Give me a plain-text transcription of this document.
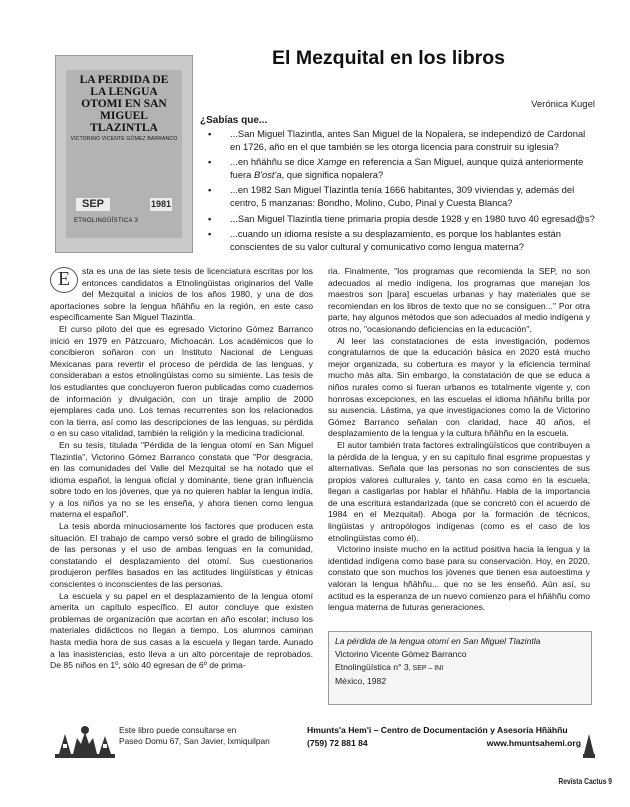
LA PERDIDA DE LA LENGUA OTOMI EN SAN MIGUEL TLAZINTLA
VICTORINO VICENTE GÓMEZ BARRANCO
SEP	1981
ETNOLINGÜÍSTICA 3
El Mezquital en los libros
Verónica Kugel
¿Sabías que...
• ...San Miguel Tlazintla, antes San Miguel de la Nopalera, se independizó de Cardonal en 1726, año en el que también se les otorga licencia para construir su iglesia?
• ...en hñähñu se dice Xamge en referencia a San Miguel, aunque quizá anteriormente fuera B'ost'a, que significa nopalera?
• ...en 1982 San Miguel Tlazintla tenía 1666 habitantes, 309 viviendas y, además del centro, 5 manzanas: Bondho, Molino, Cubo, Pinal y Cuesta Blanca?
• ...San Miguel Tlazintla tiene primaria propia desde 1928 y en 1980 tuvo 40 egresad@s?
• ...cuando un idioma resiste a su desplazamiento, es porque los hablantes están conscientes de su valor cultural y comunicativo como lengua materna?

E	sta es una de las siete tesis de licenciatura escritas por los entonces candidatos a Etnolingüistas originarios del Valle del Mezquital a inicios de los años 1980, y una de dos aportaciones sobre la lengua hñähñu en la región, en este caso específicamente San Miguel Tlazintla.

El curso piloto del que es egresado Victorino Gómez Barranco inició en 1979 en Pátzcuaro, Michoacán. Los académicos que lo concibieron soñaron con un Instituto Nacional de Lenguas Mexicanas para revertir el proceso de pérdida de las lenguas, y consideraban a estos etnolingüistas como su simiente. Las tesis de los estudiantes que concluyeron fueron publicadas como cuadernos de información y divulgación, con un tiraje amplio de 2000 ejemplares cada uno. Los temas recurrentes son los relacionados con la tierra, así como las descripciones de las lenguas, su pérdida o en su caso vitalidad, también la religión y la medicina tradicional.

En su tesis, titulada "Pérdida de la lengua otomí en San Miguel Tlazintla", Victorino Gómez Barranco constata que "Por desgracia, en las comunidades del Valle del Mezquital se ha notado que el idioma español, la lengua oficial y dominante, tiene gran influencia sobre todo en los jóvenes, que ya no quieren hablar la lengua indía, y a los niños ya no se les enseña, y ahora tienen como lengua materna el español".

La tesis aborda minuciosamente los factores que producen esta situación. El trabajo de campo versó sobre el grado de bilingüismo de las personas y el uso de ambas lenguas en la comunidad, constatando el desplazamiento del otomí. Sus cuestionarios produjeron perfiles basados en las actitudes lingüísticas y étnicas conscientes o inconscientes de las personas.

La escuela y su papel en el desplazamiento de la lengua otomí amerita un capítulo específico. El autor concluye que existen problemas de organización que acortan en año escolar; incluso los materiales didácticos no llegan a tiempo. Los alumnos caminan hasta media hora de sus casas a la escuela y llegan tarde. Aunado a las inasistencias, esto lleva a un alto porcentaje de reprobados. De 85 niños en 1º, sólo 40 egresan de 6º de prima-

ria. Finalmente, "los programas que recomienda la SEP, no son adecuados al medio indígena, los programas que manejan los maestros son [para] escuelas urbanas y hay materiales que se recomiendan en los libros de texto que no se consiguen..." Por otra parte, hay algunos métodos que son adecuados al medio indígena y otros no, "ocasionando deficiencias en la educación".

Al leer las constataciones de esta investigación, podemos congratularnos de que la educación básica en 2020 está mucho mejor organizada, su cobertura es mayor y la eficiencia terminal mucho más alta. Sin embargo, la constatación de que se educa a niños rurales como si fueran urbanos es totalmente vigente y, con honrosas excepciones, en las escuelas el idioma hñähñu brilla por su ausencia. Lástima, ya que investigaciones como la de Victorino Gómez Barranco señalan con claridad, hace 40 años, el desplazamiento de la lengua y la cultura hñähñu en la escuela.

El autor también trata factores extralingüísticos que contribuyen a la pérdida de la lengua, y en su capítulo final esgrime propuestas y alternativas. Señala que las personas no son conscientes de sus propios valores culturales y, tanto en casa como en la escuela, llegan a castigarlas por hablar el hñähñu. Habla de la importancia de una escritura estandarizada (que se concretó con el acuerdo de 1984 en el Mezquital). Aboga por la formación de técnicos, lingüistas y antropólogos indígenas (como es el caso de los etnolingüistas como él).

Victorino insiste mucho en la actitud positiva hacia la lengua y la identidad indígena como base para su conservación. Hoy, en 2020, constato que son muchos los jóvenes que tienen esa autoestima y valoran la lengua hñähñu... que no se les enseñó. Aún así, su actitud es la esperanza de un nuevo comienzo para el hñähñu como lengua materna de futuras generaciones.

La pérdida de la lengua otomí en San Miguel Tlazintla
Victorino Vicente Gómez Barranco
Etnolingüística n° 3, SEP – INI
México, 1982
Este libro puede consultarse en
Paseo Domu 67, San Javier, Ixmiquilpan
Hmunts'a Hem'i – Centro de Documentación y Asesoría Hñähñu
(759) 72 881 84	www.hmuntsahemi.org
Revista Cactus 9
